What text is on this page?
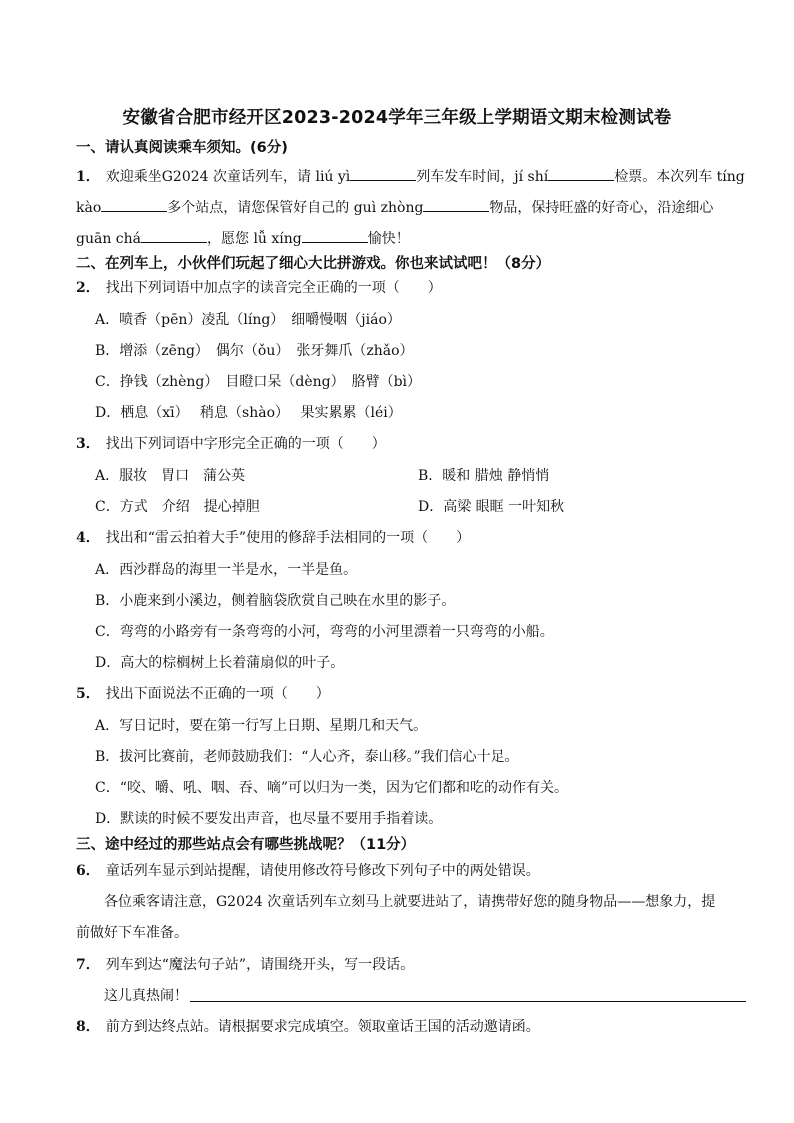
安徽省合肥市经开区2023-2024学年三年级上学期语文期末检测试卷
一、请认真阅读乘车须知。(6分)
1． 欢迎乘坐G2024 次童话列车，请 liú yì	列车发车时间，jí shí	检票。本次列车 tíng
kào	多个站点，请您保管好自己的 guì zhòng	物品，保持旺盛的好奇心，沿途细心
guān chá	，愿您 lǚ xíng	愉快！
二、在列车上，小伙伴们玩起了细心大比拼游戏。你也来试试吧！（8分）
2． 找出下列词语中加点字的读音完全正确的一项（　　）
A．喷香（pēn）凌乱（líng）　细嚼慢咽（jiáo）
B．增添（zēng）　偶尔（ǒu）　张牙舞爪（zhǎo）
C．挣钱（zhèng）　目瞪口呆（dèng）　胳臂（bì）
D．栖息（xī）　 稍息（shào）　 果实累累（léi）
3． 找出下列词语中字形完全正确的一项（　　）
A．服妆　胃口　蒲公英	B．暖和 腊烛 静悄悄
C．方式　介绍　提心掉胆	D．高梁 眼眶 一叶知秋
4． 找出和“雷云拍着大手”使用的修辞手法相同的一项（　　）
A．西沙群岛的海里一半是水，一半是鱼。
B．小鹿来到小溪边，侧着脑袋欣赏自己映在水里的影子。
C．弯弯的小路旁有一条弯弯的小河，弯弯的小河里漂着一只弯弯的小船。
D．高大的棕榈树上长着蒲扇似的叶子。
5． 找出下面说法不正确的一项（　　）
A．写日记时，要在第一行写上日期、星期几和天气。
B．拔河比赛前，老师鼓励我们：“人心齐，泰山移。”我们信心十足。
C．“咬、嚼、吼、咽、吞、嘀”可以归为一类，因为它们都和吃的动作有关。
D．默读的时候不要发出声音，也尽量不要用手指着读。
三、途中经过的那些站点会有哪些挑战呢？（11分）
6． 童话列车显示到站提醒，请使用修改符号修改下列句子中的两处错误。
各位乘客请注意，G2024 次童话列车立刻马上就要进站了，请携带好您的随身物品——想象力，提
前做好下车准备。
7． 列车到达“魔法句子站”，请围绕开头，写一段话。
这儿真热闹！
8． 前方到达终点站。请根据要求完成填空。领取童话王国的活动邀请函。
